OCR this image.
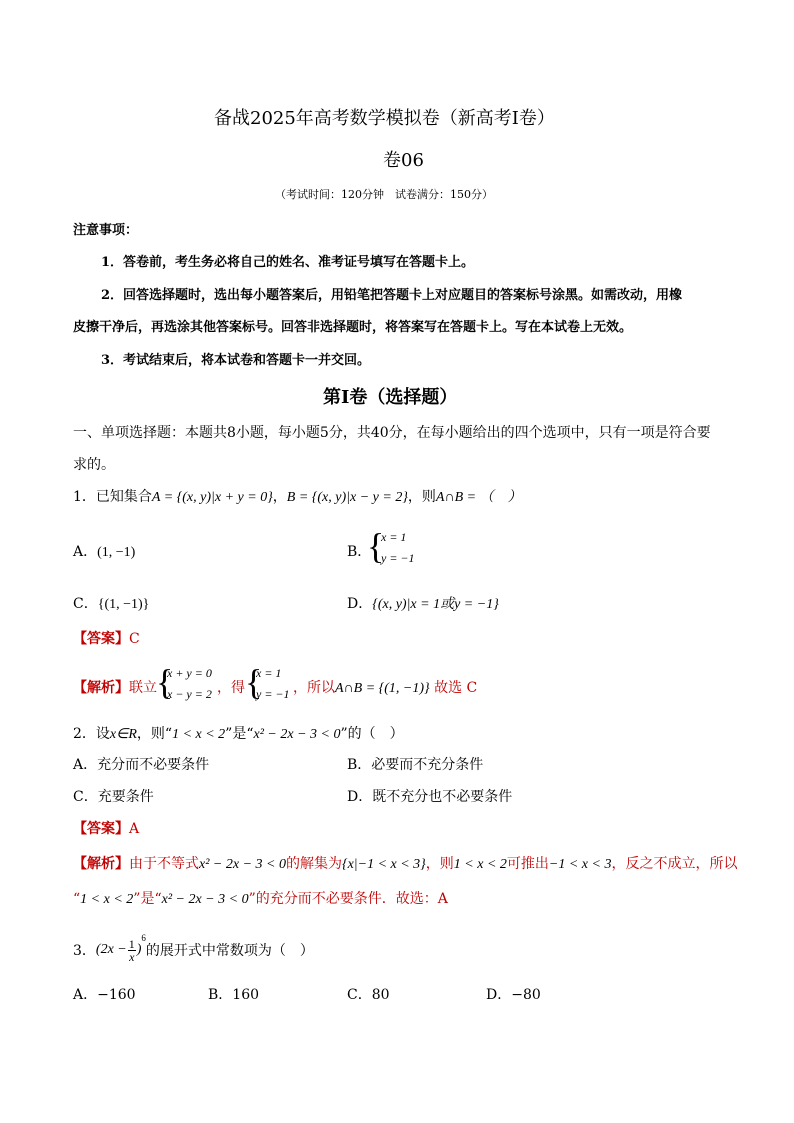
备战2025年高考数学模拟卷（新高考Ⅰ卷）
卷06
（考试时间：120分钟　试卷满分：150分）
注意事项：
1．答卷前，考生务必将自己的姓名、准考证号填写在答题卡上。
2．回答选择题时，选出每小题答案后，用铅笔把答题卡上对应题目的答案标号涂黑。如需改动，用橡
皮擦干净后，再选涂其他答案标号。回答非选择题时，将答案写在答题卡上。写在本试卷上无效。
3．考试结束后，将本试卷和答题卡一并交回。
第Ⅰ卷（选择题）
一、单项选择题：本题共8小题，每小题5分，共40分，在每小题给出的四个选项中，只有一项是符合要
求的。
1．已知集合A = {(x, y)|x + y = 0}，B = {(x, y)|x − y = 2}，则A∩B = （　）
A．(1, −1)	B．
{
x = 1
y = −1
C．{(1, −1)}	D．{(x, y)|x = 1或y = −1}
【答案】C
【解析】联立 {
x + y = 0
x − y = 2 ，得 {
x = 1
y = −1 ，所以A∩B = {(1, −1)} 故选 C
2．设x∈R，则“1 < x < 2”是“x² − 2x − 3 < 0”的（　）
A．充分而不必要条件	B．必要而不充分条件
C．充要条件	D．既不充分也不必要条件
【答案】A
【解析】由于不等式x² − 2x − 3 < 0的解集为{x|−1 < x < 3}，则1 < x < 2可推出−1 < x < 3，反之不成立，所以
“1 < x < 2”是“x² − 2x − 3 < 0”的充分而不必要条件．故选：A
3． ($2x - \frac{1}{x}$ )
$^6$
的展开式中常数项为（　）
A．−160	B．160	C．80	D．−80
